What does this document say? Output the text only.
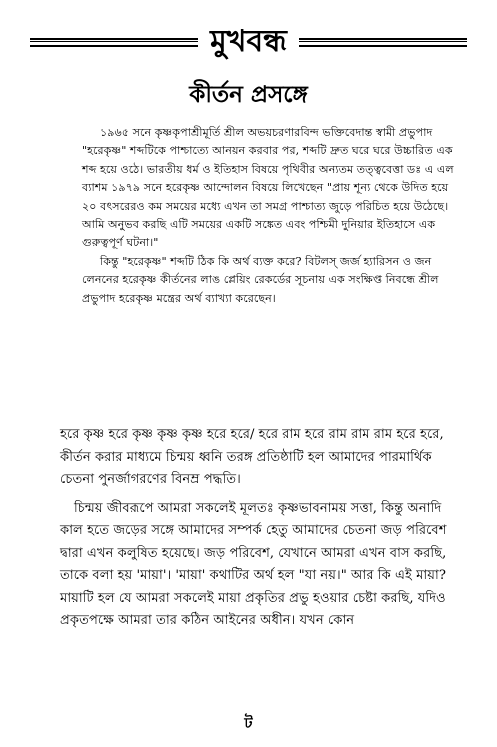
মুখবন্ধ
কীর্তন প্রসঙ্গে

১৯৬৫ সনে কৃষ্ণকৃপাশ্রীমূর্তি শ্রীল অভয়চরণারবিন্দ ভক্তিবেদান্ত স্বামী প্রভুপাদ "হরেকৃষ্ণ" শব্দটিকে পাশ্চাত্যে আনয়ন করবার পর, শব্দটি দ্রুত ঘরে ঘরে উচ্চারিত এক শব্দ হয়ে ওঠে। ভারতীয় ধর্ম ও ইতিহাস বিষয়ে পৃথিবীর অন্যতম তত্ত্ববেত্তা ডঃ এ এল ব্যাশম ১৯৭৯ সনে হরেকৃষ্ণ আন্দোলন বিষয়ে লিখেছেন "প্রায় শূন্য থেকে উদিত হয়ে ২০ বৎসরেরও কম সময়ের মধ্যে এখন তা সমগ্র পাশ্চাত্য জুড়ে পরিচিত হয়ে উঠেছে। আমি অনুভব করছি এটি সময়ের একটি সঙ্কেত এবং পশ্চিমী দুনিয়ার ইতিহাসে এক গুরুত্বপূর্ণ ঘটনা।"

কিন্তু "হরেকৃষ্ণ" শব্দটি ঠিক কি অর্থ ব্যক্ত করে? বিটলস্ জর্জ হ্যারিসন ও জন লেননের হরেকৃষ্ণ কীর্তনের লাঙ প্লেয়িং রেকর্ডের সূচনায় এক সংক্ষিপ্ত নিবন্ধে শ্রীল প্রভুপাদ হরেকৃষ্ণ মন্ত্রের অর্থ ব্যাখ্যা করেছেন।

হরে কৃষ্ণ হরে কৃষ্ণ কৃষ্ণ কৃষ্ণ হরে হরে/ হরে রাম হরে রাম রাম রাম হরে হরে, কীর্তন করার মাধ্যমে চিন্ময় ধ্বনি তরঙ্গ প্রতিষ্ঠাটি হল আমাদের পারমার্থিক চেতনা পুনর্জাগরণের বিনম্র পদ্ধতি।

চিন্ময় জীবরূপে আমরা সকলেই মূলতঃ কৃষ্ণভাবনাময় সত্তা, কিন্তু অনাদি কাল হতে জড়ের সঙ্গে আমাদের সম্পর্ক হেতু আমাদের চেতনা জড় পরিবেশ দ্বারা এখন কলুষিত হয়েছে। জড় পরিবেশ, যেখানে আমরা এখন বাস করছি, তাকে বলা হয় 'মায়া'। 'মায়া' কথাটির অর্থ হল "যা নয়।" আর কি এই মায়া? মায়াটি হল যে আমরা সকলেই মায়া প্রকৃতির প্রভু হওয়ার চেষ্টা করছি, যদিও প্রকৃতপক্ষে আমরা তার কঠিন আইনের অধীন। যখন কোন

ট
